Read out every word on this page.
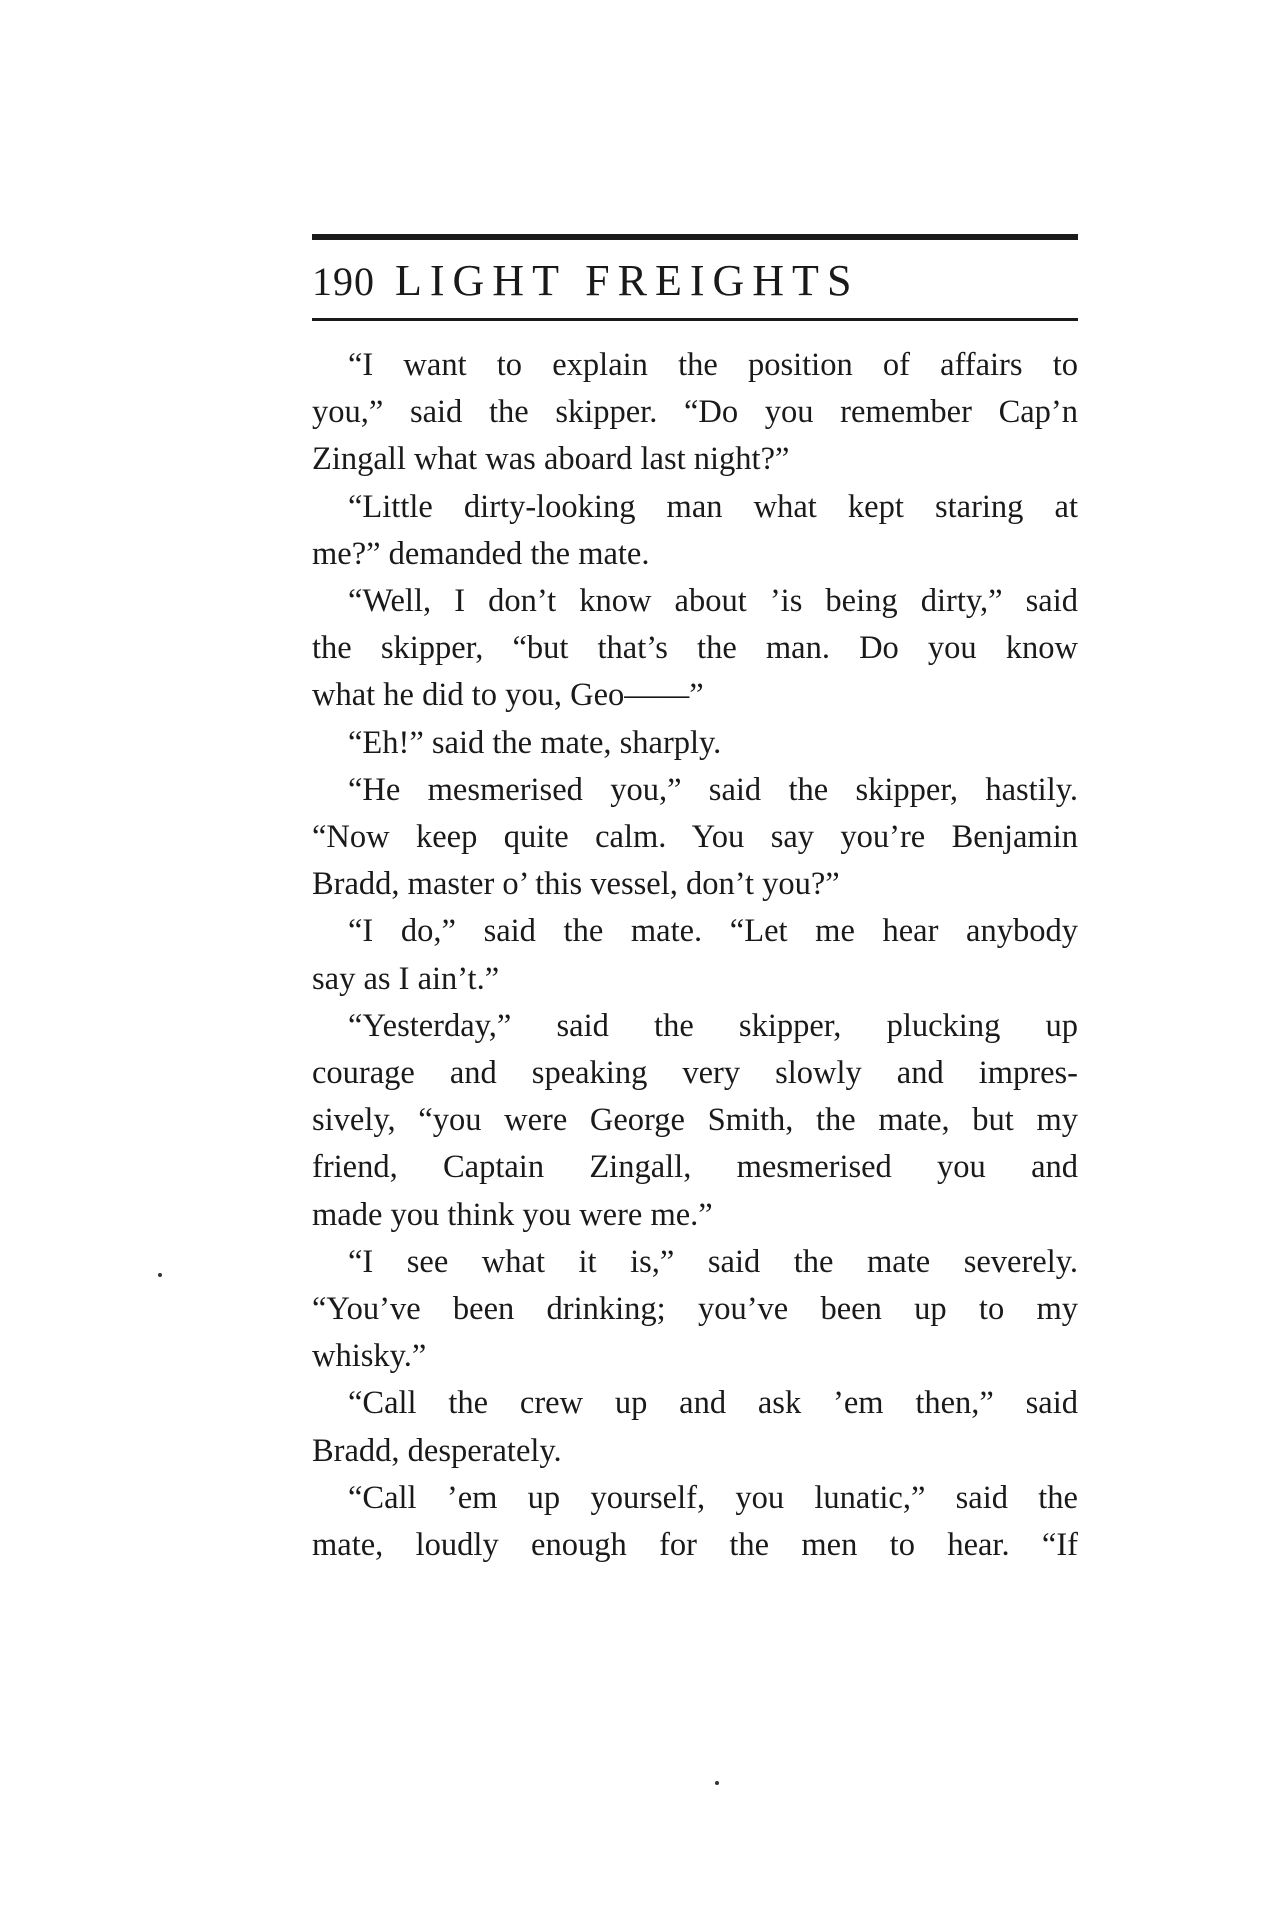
190 LIGHT FREIGHTS

“I want to explain the position of affairs to
you,” said the skipper. “Do you remember Cap’n
Zingall what was aboard last night?”

“Little dirty-looking man what kept staring at
me?” demanded the mate.

“Well, I don’t know about ’is being dirty,” said
the skipper, “but that’s the man. Do you know
what he did to you, Geo——”

“Eh!” said the mate, sharply.

“He mesmerised you,” said the skipper, hastily.
“Now keep quite calm. You say you’re Benjamin
Bradd, master o’ this vessel, don’t you?”

“I do,” said the mate. “Let me hear anybody
say as I ain’t.”

“Yesterday,” said the skipper, plucking up
courage and speaking very slowly and impres-
sively, “you were George Smith, the mate, but my
friend, Captain Zingall, mesmerised you and
made you think you were me.”

“I see what it is,” said the mate severely.
“You’ve been drinking; you’ve been up to my
whisky.”

“Call the crew up and ask ’em then,” said
Bradd, desperately.

“Call ’em up yourself, you lunatic,” said the
mate, loudly enough for the men to hear. “If
